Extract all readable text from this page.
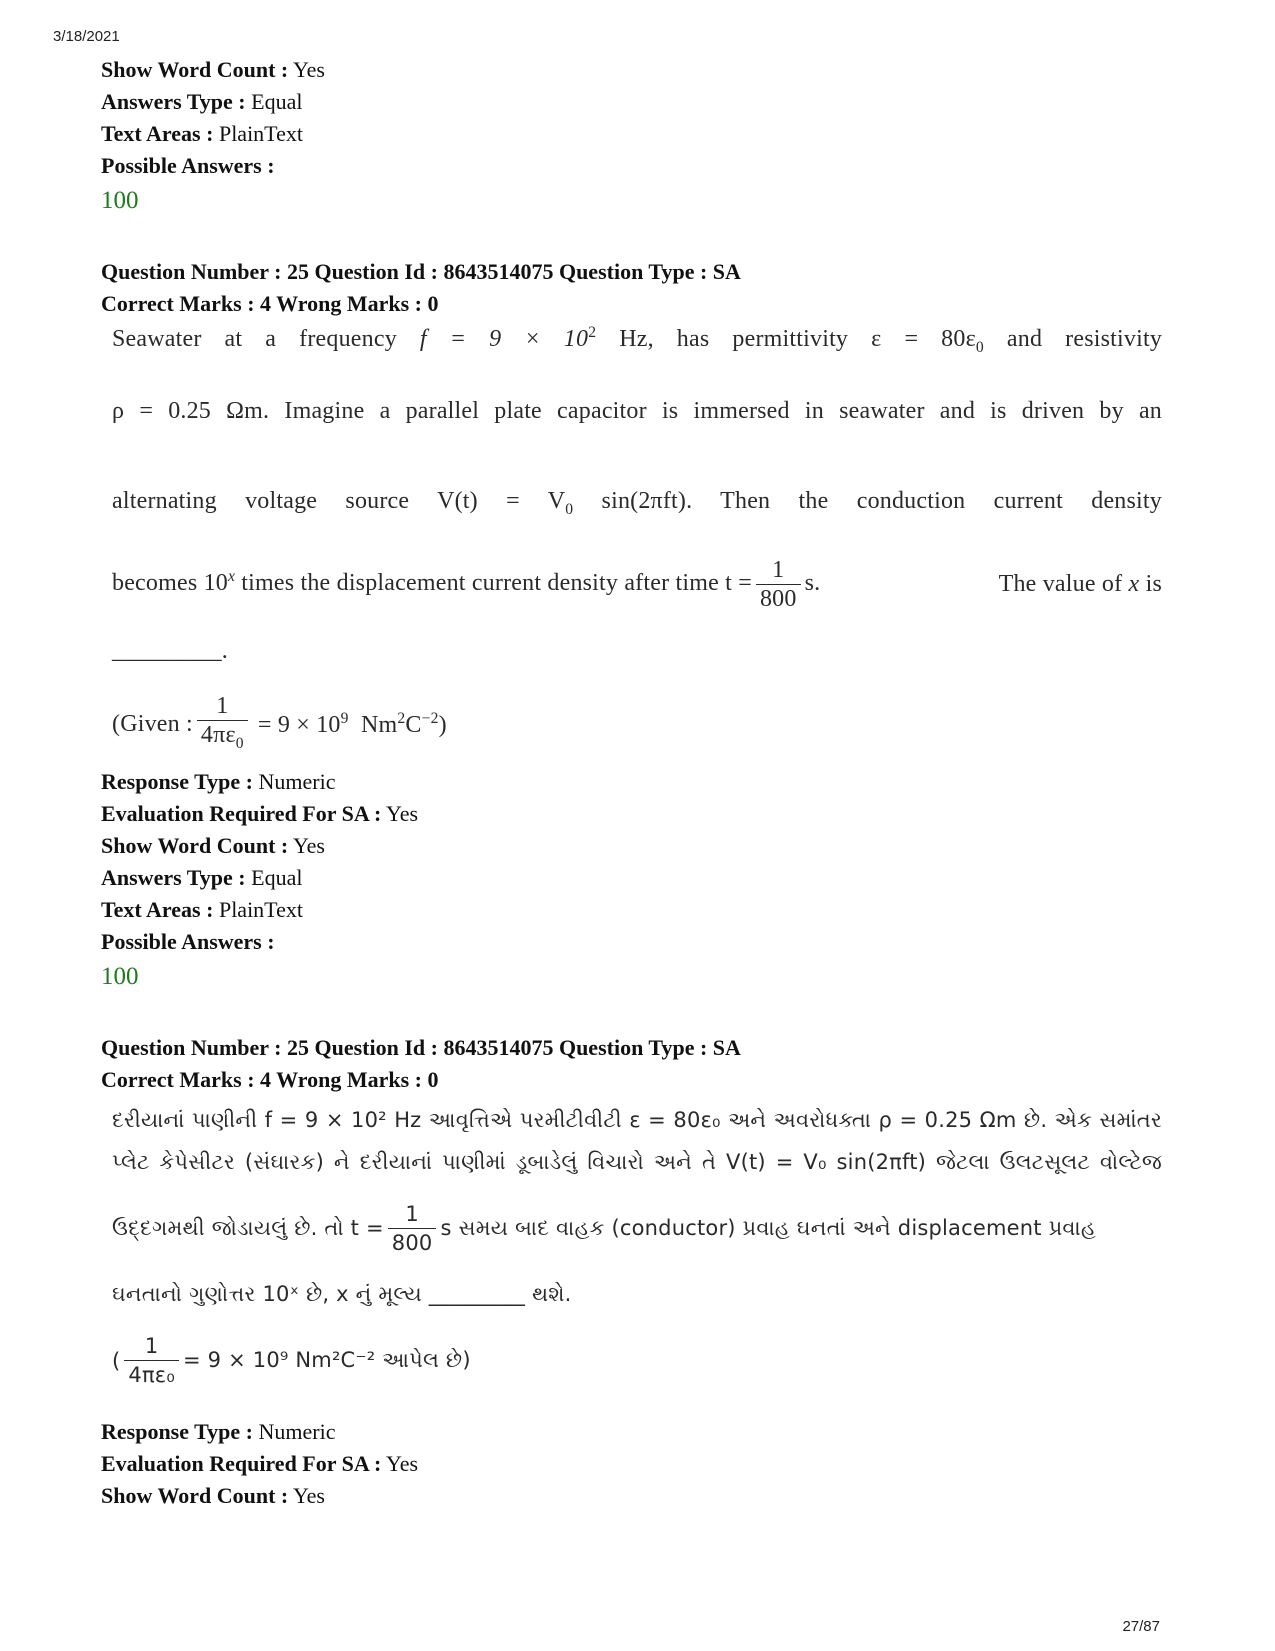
3/18/2021
Show Word Count : Yes
Answers Type : Equal
Text Areas : PlainText
Possible Answers :
100
Question Number : 25 Question Id : 8643514075 Question Type : SA
Correct Marks : 4 Wrong Marks : 0
Seawater at a frequency $f = 9 \times 10^2$ Hz, has permittivity $\varepsilon = 80\varepsilon_0$ and resistivity
ρ = 0.25 Ωm. Imagine a parallel plate capacitor is immersed in seawater and is driven by an
alternating voltage source $V(t) = V_0$ sin(2πft). Then the conduction current density
becomes 10$^x$ times the displacement current density after time $t = \frac{1}{800} s$.	The value of x is
_________.
(Given : $\frac{1}{4\pi\varepsilon_0} = 9 \times 10^9$ $Nm^2C^{-2}$)
Response Type : Numeric
Evaluation Required For SA : Yes
Show Word Count : Yes
Answers Type : Equal
Text Areas : PlainText
Possible Answers :
100
Question Number : 25 Question Id : 8643514075 Question Type : SA
Correct Marks : 4 Wrong Marks : 0
દરીયાનાં પાણીની f = 9 × 10² Hz આવૃત્તિએ પરમીટીવીટી ε = 80ε₀ અને અવરોધક્તા ρ = 0.25 Ωm છે. એક સમાંતર
પ્લેટ કેપેસીટર (સંઘારક) ને દરીયાનાં પાણીમાં ડૂબાડેલું વિચારો અને તે V(t) = V₀ sin(2πft) જેટલા ઉલટસૂલટ વોલ્ટેજ
ઉદ્દગમથી જોડાયલું છે. તો $t = \frac{1}{800}$ s સમય બાદ વાહક (conductor) પ્રવાહ ઘનતાં અને displacement પ્રવાહ
ઘનતાનો ગુણોત્તર 10ˣ છે, x નું મૂલ્ય _________ થશે.
( $\frac{1}{\text{4πε₀}} = 9 \times 10^9$ Nm²C⁻² આપેલ છે)
Response Type : Numeric
Evaluation Required For SA : Yes
Show Word Count : Yes
27/87
